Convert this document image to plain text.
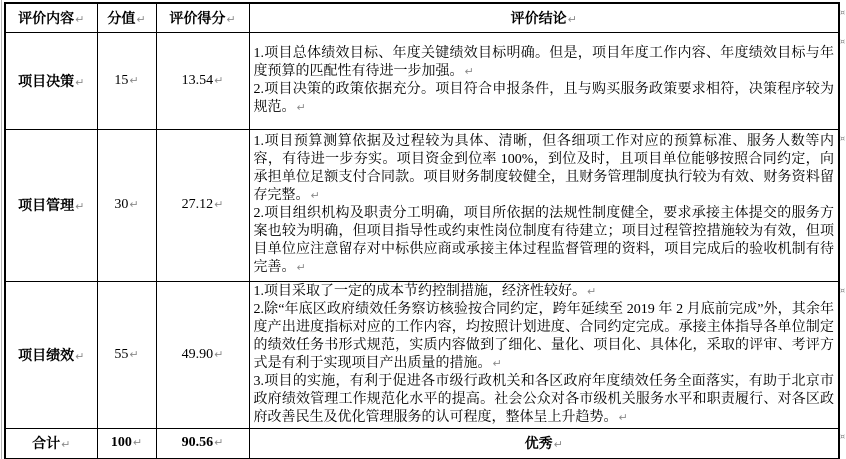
评价内容↵	分值↵	评价得分↵	评价结论↵
项目决策↵	15↵	13.54↵	1.项目总体绩效目标、年度关键绩效目标明确。但是，项目年度工作内容、年度绩效目标与年度预算的匹配性有待进一步加强。↵

2.项目决策的政策依据充分。项目符合申报条件，且与购买服务政策要求相符，决策程序较为规范。↵

项目管理↵	30↵	27.12↵	1.项目预算测算依据及过程较为具体、清晰，但各细项工作对应的预算标准、服务人数等内容，有待进一步夯实。项目资金到位率 100%，到位及时，且项目单位能够按照合同约定，向承担单位足额支付合同款。项目财务制度较健全，且财务管理制度执行较为有效、财务资料留存完整。↵

2.项目组织机构及职责分工明确，项目所依据的法规性制度健全，要求承接主体提交的服务方案也较为明确，但项目指导性或约束性岗位制度有待建立；项目过程管控措施较为有效，但项目单位应注意留存对中标供应商或承接主体过程监督管理的资料，项目完成后的验收机制有待完善。↵

项目绩效↵	55↵	49.90↵	1.项目采取了一定的成本节约控制措施，经济性较好。↵

2.除“年底区政府绩效任务察访核验按合同约定，跨年延续至 2019 年 2 月底前完成”外，其余年度产出进度指标对应的工作内容，均按照计划进度、合同约定完成。承接主体指导各单位制定的绩效任务书形式规范，实质内容做到了细化、量化、项目化、具体化，采取的评审、考评方式是有利于实现项目产出质量的措施。↵

3.项目的实施，有利于促进各市级行政机关和各区政府年度绩效任务全面落实，有助于北京市政府绩效管理工作规范化水平的提高。社会公众对各市级机关服务水平和职责履行、对各区政府改善民生及优化管理服务的认可程度，整体呈上升趋势。↵

合计↵	100↵	90.56↵	优秀↵
¤
¤
¤
¤
¤
